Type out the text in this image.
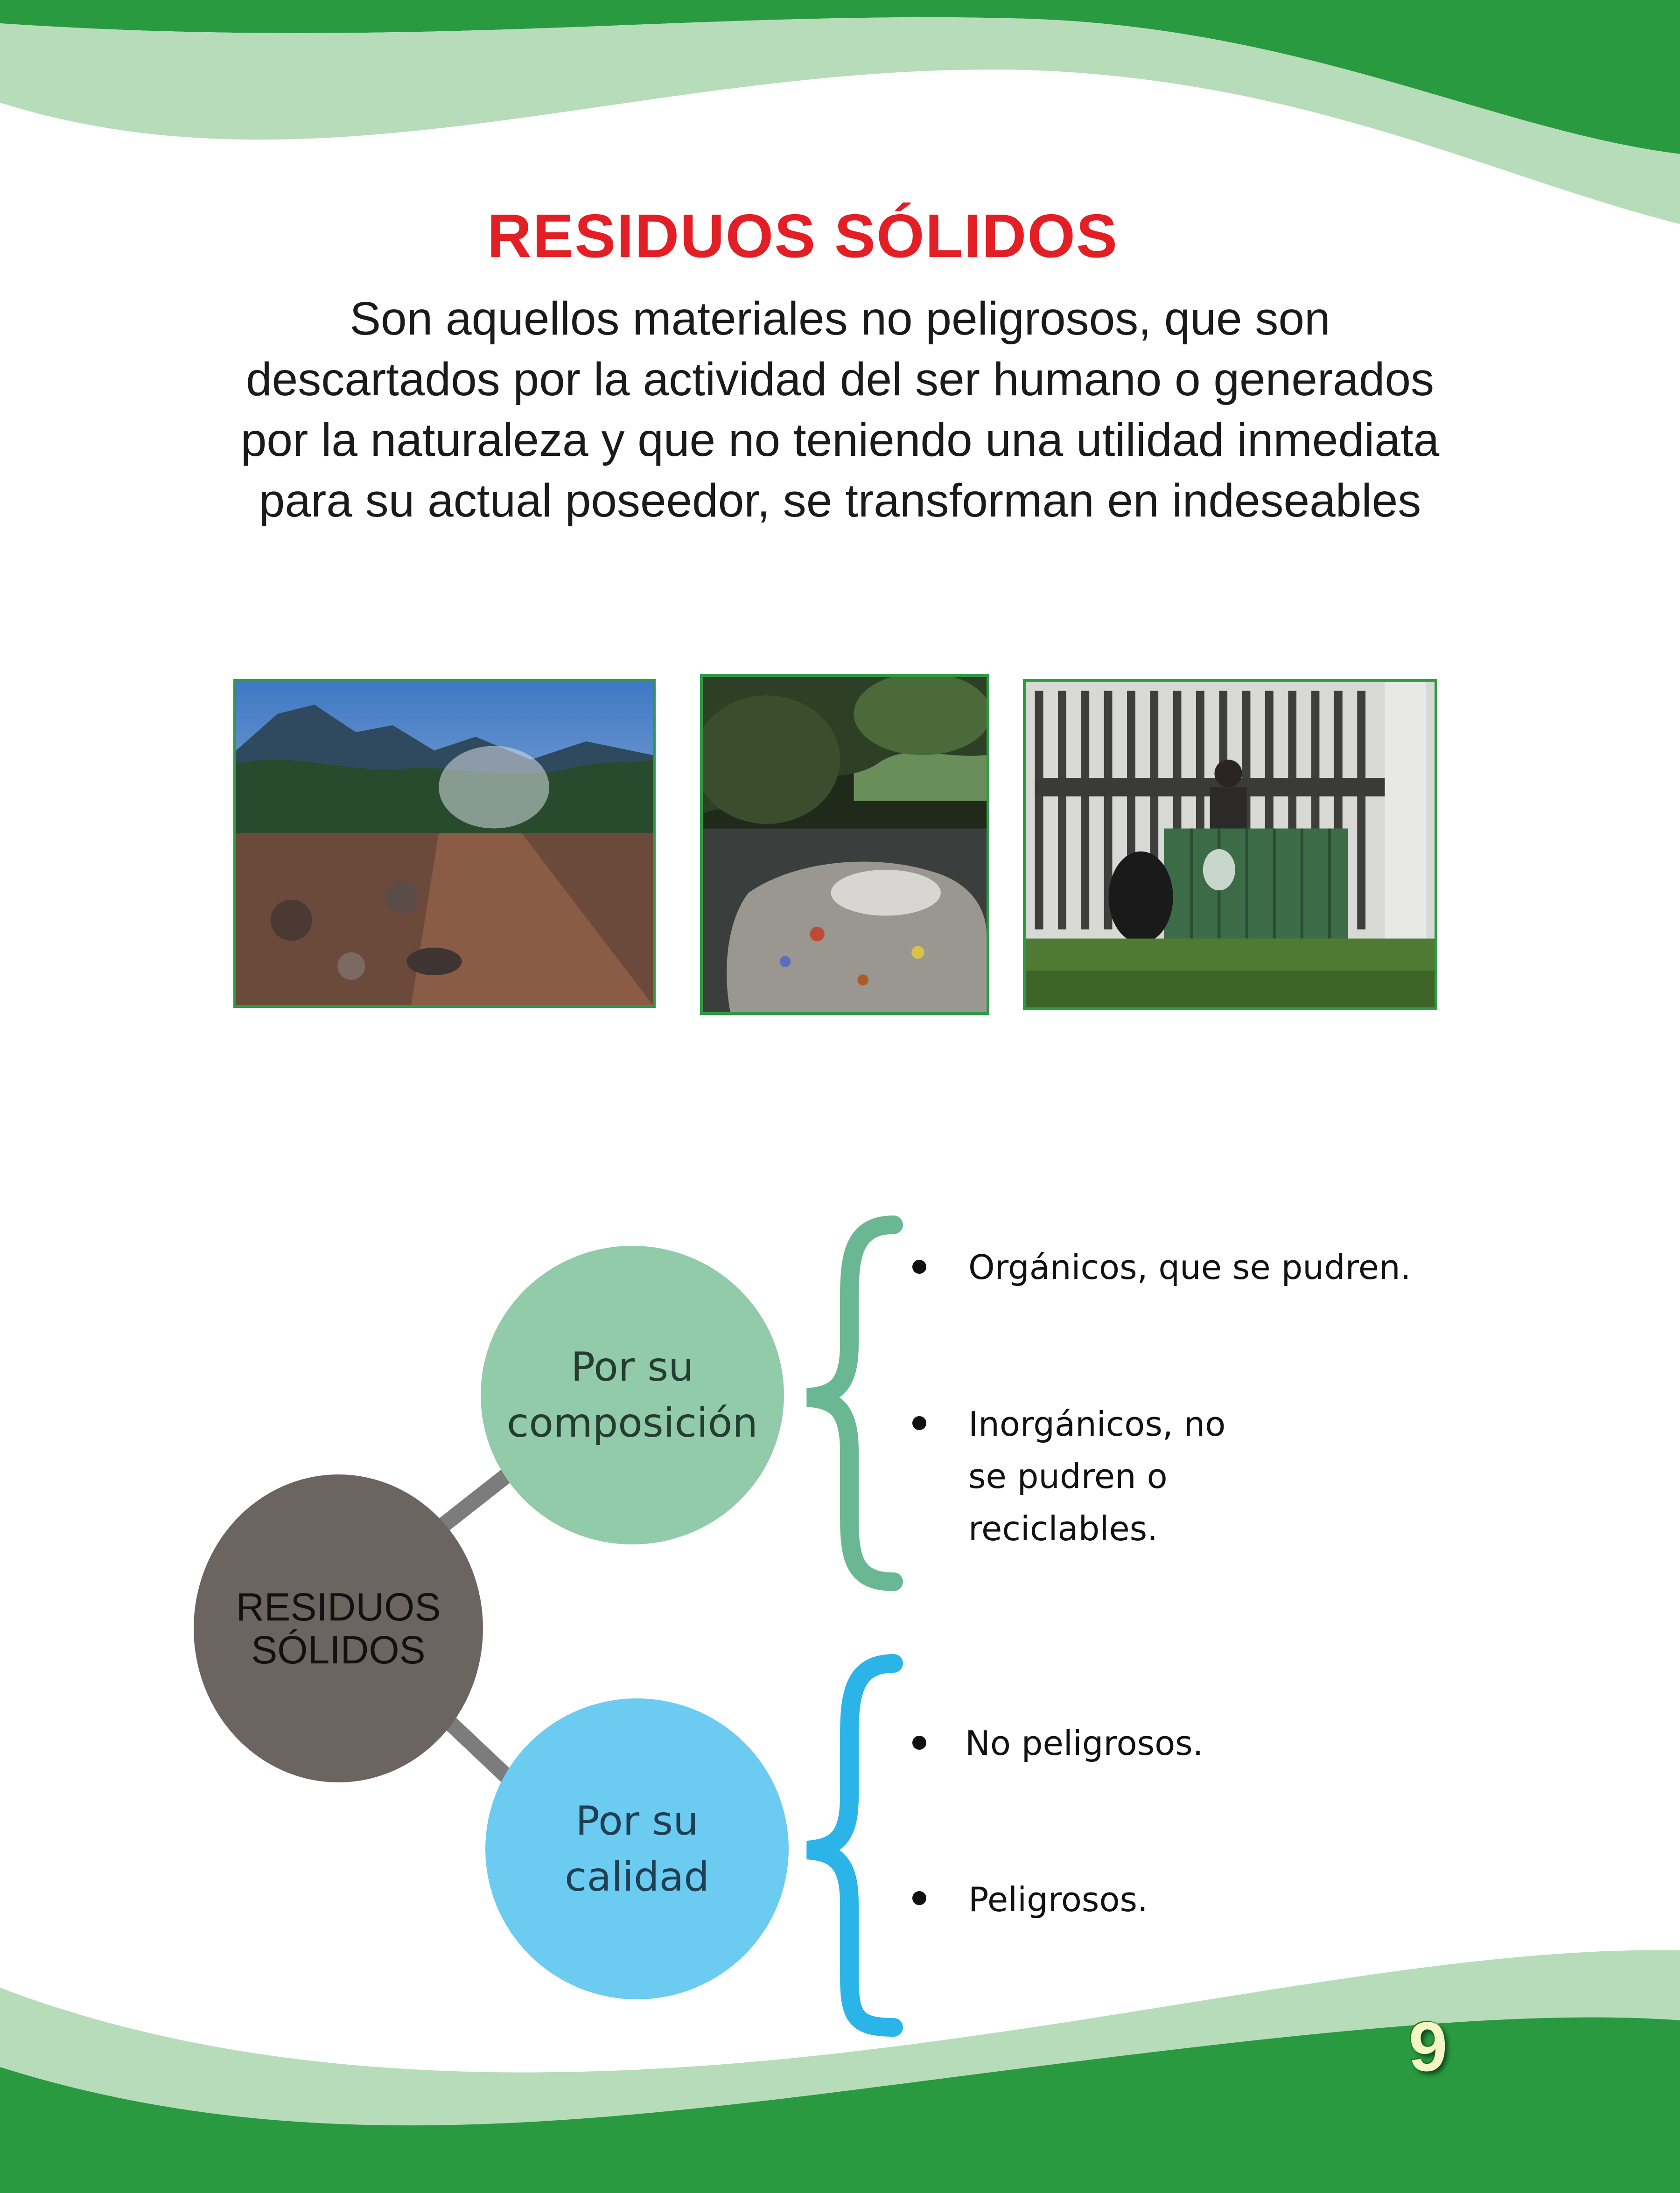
RESIDUOS SÓLIDOS
Son aquellos materiales no peligrosos, que son descartados por la actividad del ser humano o generados por la naturaleza y que no teniendo una utilidad inmediata para su actual poseedor, se transforman en indeseables
RESIDUOS
SÓLIDOS
Por su
composición
Por su
calidad
Orgánicos, que se pudren.
Inorgánicos, no
se pudren o
reciclables.
No peligrosos.
Peligrosos.
9
